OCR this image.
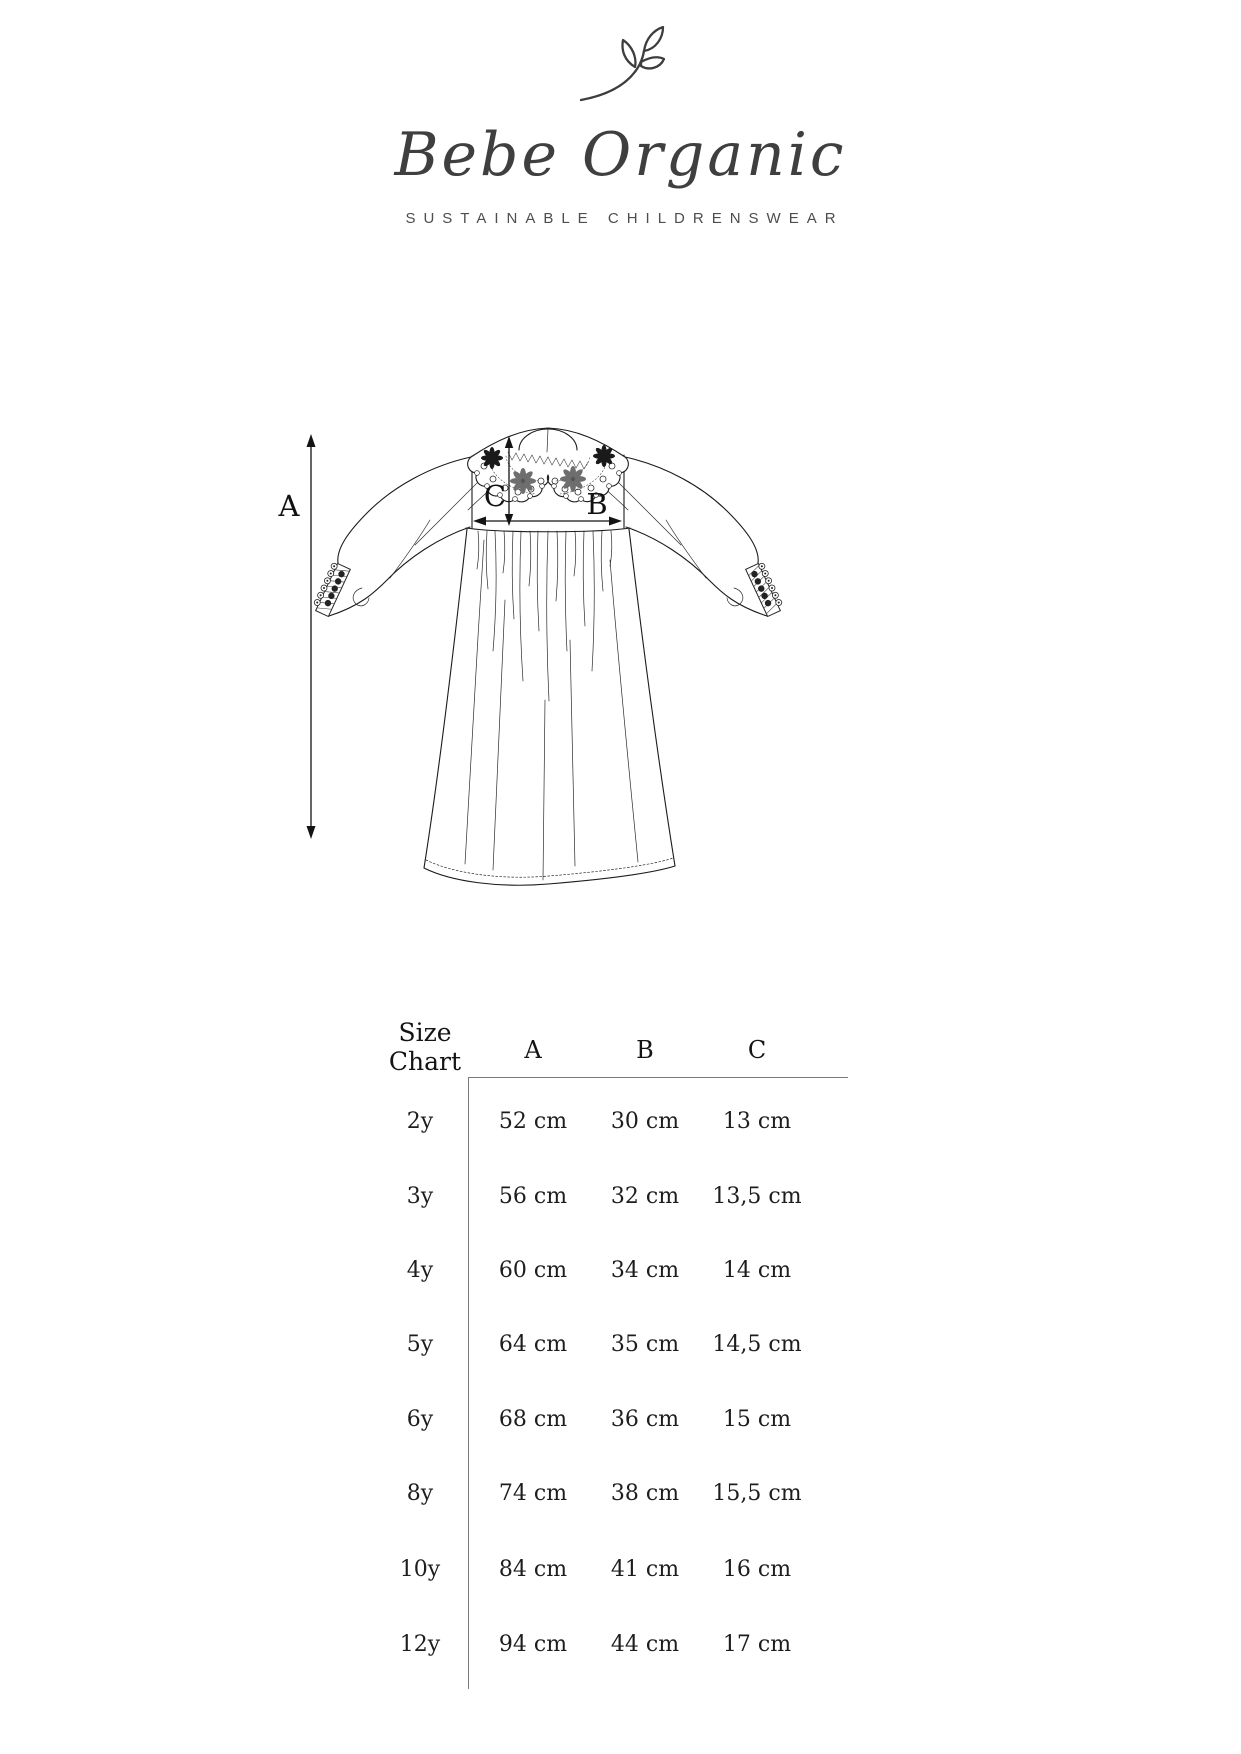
Bebe Organic
SUSTAINABLE CHILDRENSWEAR
A	B
C
Size
Chart	A	B	C
2y	52 cm	30 cm	13 cm
3y	56 cm	32 cm	13,5 cm
4y	60 cm	34 cm	14 cm
5y	64 cm	35 cm	14,5 cm
6y	68 cm	36 cm	15 cm
8y	74 cm	38 cm	15,5 cm
10y	84 cm	41 cm	16 cm
12y	94 cm	44 cm	17 cm
